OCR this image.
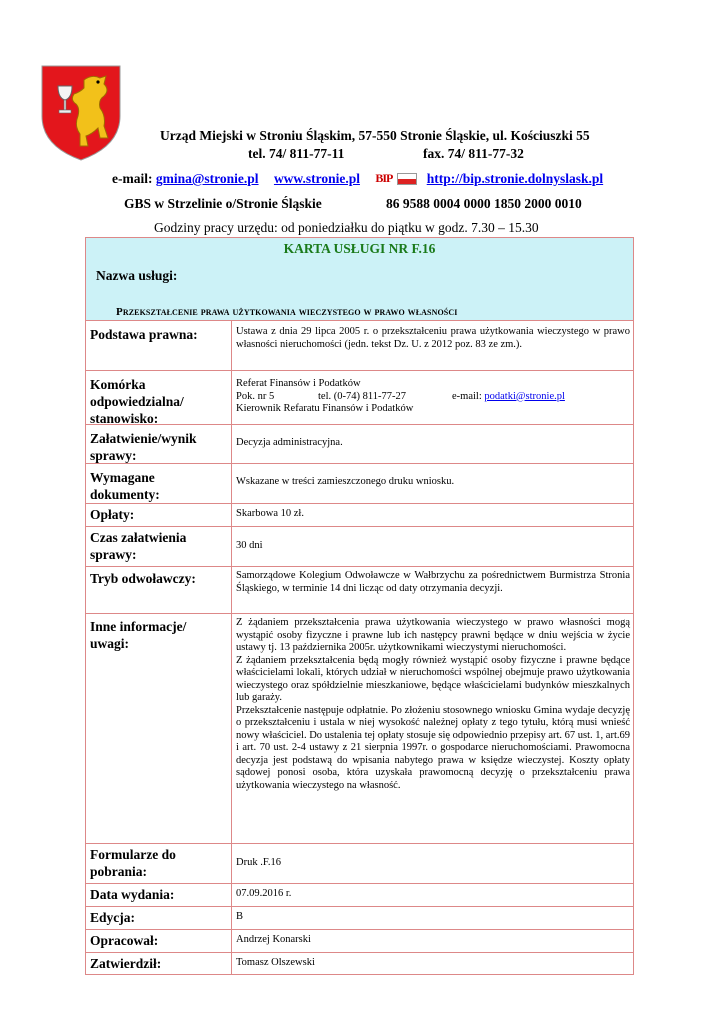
Urząd Miejski w Stroniu Śląskim, 57-550 Stronie Śląskie, ul. Kościuszki 55
tel. 74/ 811-77-11	fax. 74/ 811-77-32
e-mail: gmina@stronie.pl www.stronie.pl BIP	http://bip.stronie.dolnyslask.pl
GBS w Strzelinie o/Stronie Śląskie	86 9588 0004 0000 1850 2000 0010
Godziny pracy urzędu: od poniedziałku do piątku w godz. 7.30 – 15.30
KARTA USŁUGI NR F.16
Nazwa usługi:
Przekształcenie prawa użytkowania wieczystego w prawo własności
Podstawa prawna:	Ustawa z dnia 29 lipca 2005 r. o przekształceniu prawa użytkowania wieczystego w prawo własności nieruchomości (jedn. tekst Dz. U. z 2012 poz. 83 ze zm.).
Komórka odpowiedzialna/ stanowisko:
Referat Finansów i Podatków
Pok. nr 5	tel. (0-74) 811-77-27	e-mail: podatki@stronie.pl
Kierownik Refaratu Finansów i Podatków
Załatwienie/wynik sprawy:
Decyzja administracyjna.
Wymagane dokumenty:
Wskazane w treści zamieszczonego druku wniosku.
Opłaty:	Skarbowa 10 zł.
Czas załatwienia sprawy:
30 dni
Tryb odwoławczy:	Samorządowe Kolegium Odwoławcze w Wałbrzychu za pośrednictwem Burmistrza Stronia Śląskiego, w terminie 14 dni licząc od daty otrzymania decyzji.
Inne informacje/ uwagi:

Z żądaniem przekształcenia prawa użytkowania wieczystego w prawo własności mogą wystąpić osoby fizyczne i prawne lub ich następcy prawni będące w dniu wejścia w życie ustawy tj. 13 października 2005r. użytkownikami wieczystymi nieruchomości.

Z żądaniem przekształcenia będą mogły również wystąpić osoby fizyczne i prawne będące właścicielami lokali, których udział w nieruchomości wspólnej obejmuje prawo użytkowania wieczystego oraz spółdzielnie mieszkaniowe, będące właścicielami budynków mieszkalnych lub garaży.

Przekształcenie następuje odpłatnie. Po złożeniu stosownego wniosku Gmina wydaje decyzję o przekształceniu i ustala w niej wysokość należnej opłaty z tego tytułu, którą musi wnieść nowy właściciel. Do ustalenia tej opłaty stosuje się odpowiednio przepisy art. 67 ust. 1, art.69 i art. 70 ust. 2-4 ustawy z 21 sierpnia 1997r. o gospodarce nieruchomościami. Prawomocna decyzja jest podstawą do wpisania nabytego prawa w księdze wieczystej. Koszty opłaty sądowej ponosi osoba, która uzyskała prawomocną decyzję o przekształceniu prawa użytkowania wieczystego na własność.

Formularze do pobrania:
Druk .F.16
Data wydania:	07.09.2016 r.
Edycja:	B
Opracował:	Andrzej Konarski
Zatwierdził:	Tomasz Olszewski
